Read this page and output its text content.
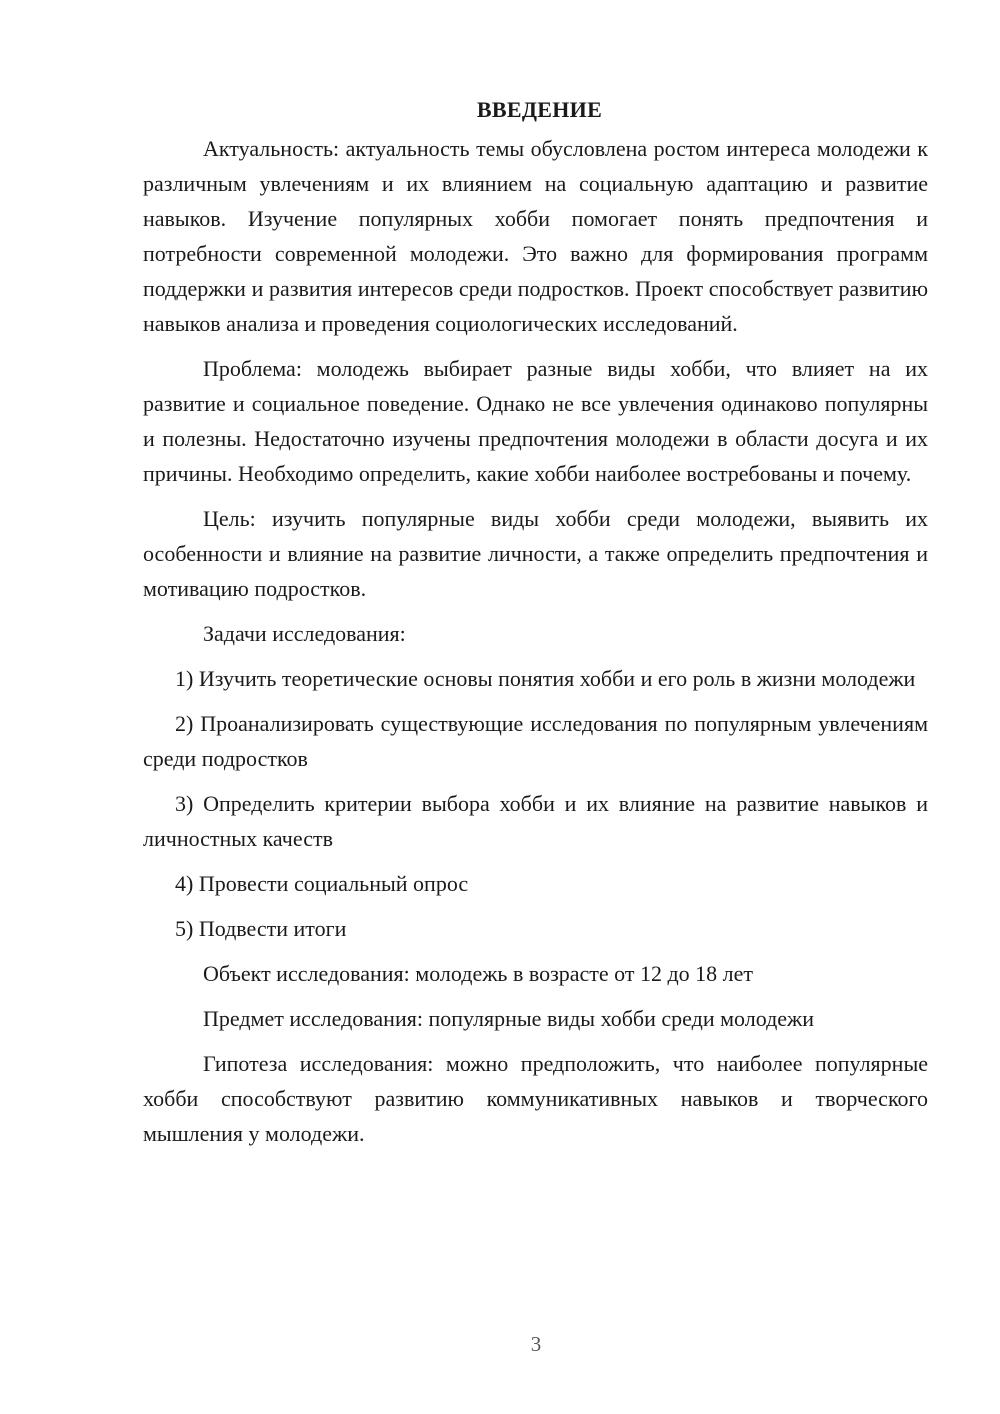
ВВЕДЕНИЕ

Актуальность: актуальность темы обусловлена ростом интереса молодежи к различным увлечениям и их влиянием на социальную адаптацию и развитие навыков. Изучение популярных хобби помогает понять предпочтения и потребности современной молодежи. Это важно для формирования программ поддержки и развития интересов среди подростков. Проект способствует развитию навыков анализа и проведения социологических исследований.

Проблема: молодежь выбирает разные виды хобби, что влияет на их развитие и социальное поведение. Однако не все увлечения одинаково популярны и полезны. Недостаточно изучены предпочтения молодежи в области досуга и их причины. Необходимо определить, какие хобби наиболее востребованы и почему.

Цель: изучить популярные виды хобби среди молодежи, выявить их особенности и влияние на развитие личности, а также определить предпочтения и мотивацию подростков.

Задачи исследования:

1) Изучить теоретические основы понятия хобби и его роль в жизни молодежи
2) Проанализировать существующие исследования по популярным увлечениям среди подростков
3) Определить критерии выбора хобби и их влияние на развитие навыков и личностных качеств
4) Провести социальный опрос
5) Подвести итоги

Объект исследования: молодежь в возрасте от 12 до 18 лет

Предмет исследования: популярные виды хобби среди молодежи

Гипотеза исследования: можно предположить, что наиболее популярные хобби способствуют развитию коммуникативных навыков и творческого мышления у молодежи.

3
